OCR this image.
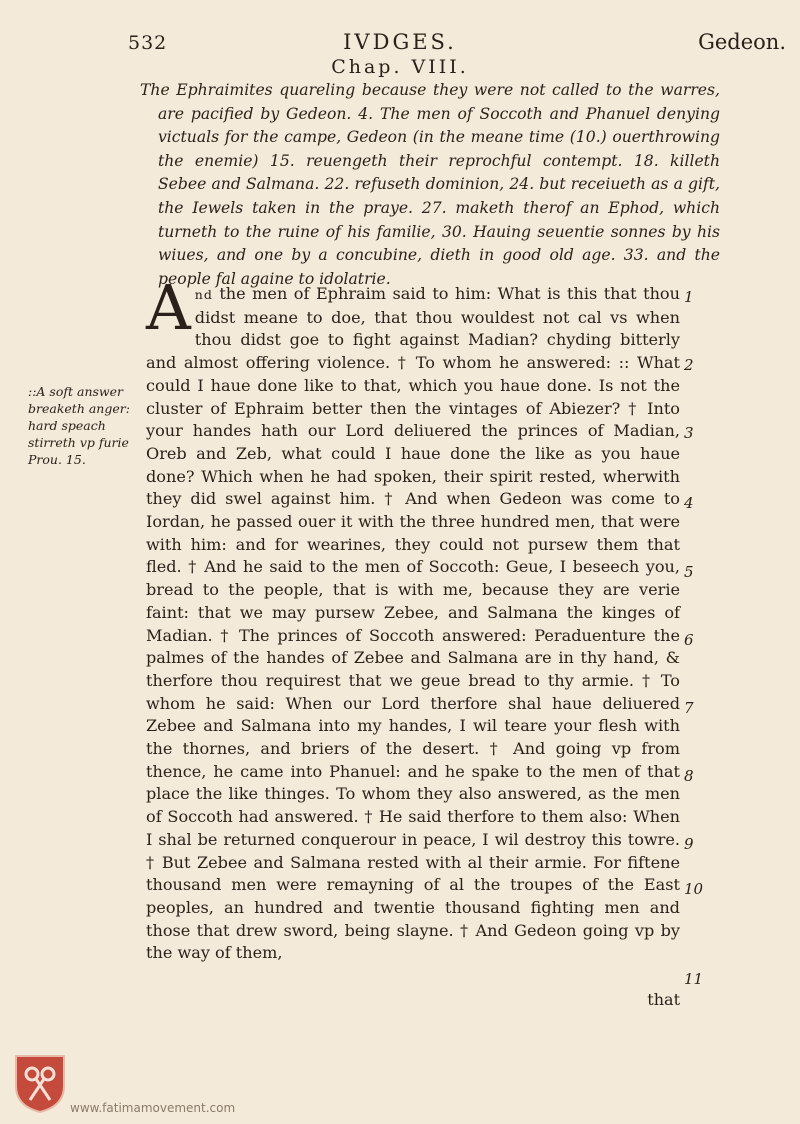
532	IVDGES.	Gedeon.
Chap. VIII.
The Ephraimites quareling because they were not called to the warres, are pacified by Gedeon. 4. The men of Soccoth and Phanuel denying victuals for the campe, Gedeon (in the meane time (10.) ouerthrowing the enemie) 15. reuengeth their reprochful contempt. 18. killeth Sebee and Salmana. 22. refuseth dominion, 24. but receiueth as a gift, the Iewels taken in the praye. 27. maketh therof an Ephod, which turneth to the ruine of his familie, 30. Hauing seuentie sonnes by his wiues, and one by a concubine, dieth in good old age. 33. and the people fal againe to idolatrie.
::A soft answer breaketh anger: hard speach stirreth vp furie Prou. 15.

And the men of Ephraim said to him: What is this that thou didst meane to doe, that thou wouldest not cal vs when thou didst goe to fight against Madian? chyding bitterly and almost offering violence. † To whom he answered: :: What could I haue done like to that, which you haue done. Is not the cluster of Ephraim better then the vintages of Abiezer? † Into your handes hath our Lord deliuered the princes of Madian, Oreb and Zeb, what could I haue done the like as you haue done? Which when he had spoken, their spirit rested, wherwith they did swel against him. † And when Gedeon was come to Iordan, he passed ouer it with the three hundred men, that were with him: and for wearines, they could not pursew them that fled. † And he said to the men of Soccoth: Geue, I beseech you, bread to the people, that is with me, because they are verie faint: that we may pursew Zebee, and Salmana the kinges of Madian. † The princes of Soccoth answered: Peraduenture the palmes of the handes of Zebee and Salmana are in thy hand, & therfore thou requirest that we geue bread to thy armie. † To whom he said: When our Lord therfore shal haue deliuered Zebee and Salmana into my handes, I wil teare your flesh with the thornes, and briers of the desert. † And going vp from thence, he came into Phanuel: and he spake to the men of that place the like thinges. To whom they also answered, as the men of Soccoth had answered. † He said therfore to them also: When I shal be returned conquerour in peace, I wil destroy this towre. † But Zebee and Salmana rested with al their armie. For fiftene thousand men were remayning of al the troupes of the East peoples, an hundred and twentie thousand fighting men and those that drew sword, being slayne. † And Gedeon going vp by the way of them,

that
1
2
3
4
5
6
7
8
9
10
11
www.fatimamovement.com
